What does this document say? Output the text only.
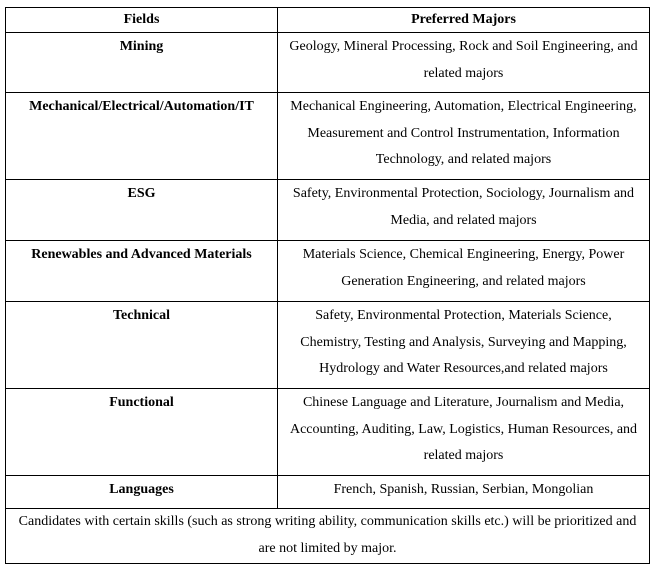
Fields	Preferred Majors
Mining	Geology, Mineral Processing, Rock and Soil Engineering, and related majors
Mechanical/Electrical/Automation/IT	Mechanical Engineering, Automation, Electrical Engineering, Measurement and Control Instrumentation, Information Technology, and related majors
ESG	Safety, Environmental Protection, Sociology, Journalism and Media, and related majors
Renewables and Advanced Materials	Materials Science, Chemical Engineering, Energy, Power Generation Engineering, and related majors
Technical	Safety, Environmental Protection, Materials Science, Chemistry, Testing and Analysis, Surveying and Mapping, Hydrology and Water Resources,and related majors
Functional	Chinese Language and Literature, Journalism and Media, Accounting, Auditing, Law, Logistics, Human Resources, and related majors
Languages	French, Spanish, Russian, Serbian, Mongolian
Candidates with certain skills (such as strong writing ability, communication skills etc.) will be prioritized and are not limited by major.	
